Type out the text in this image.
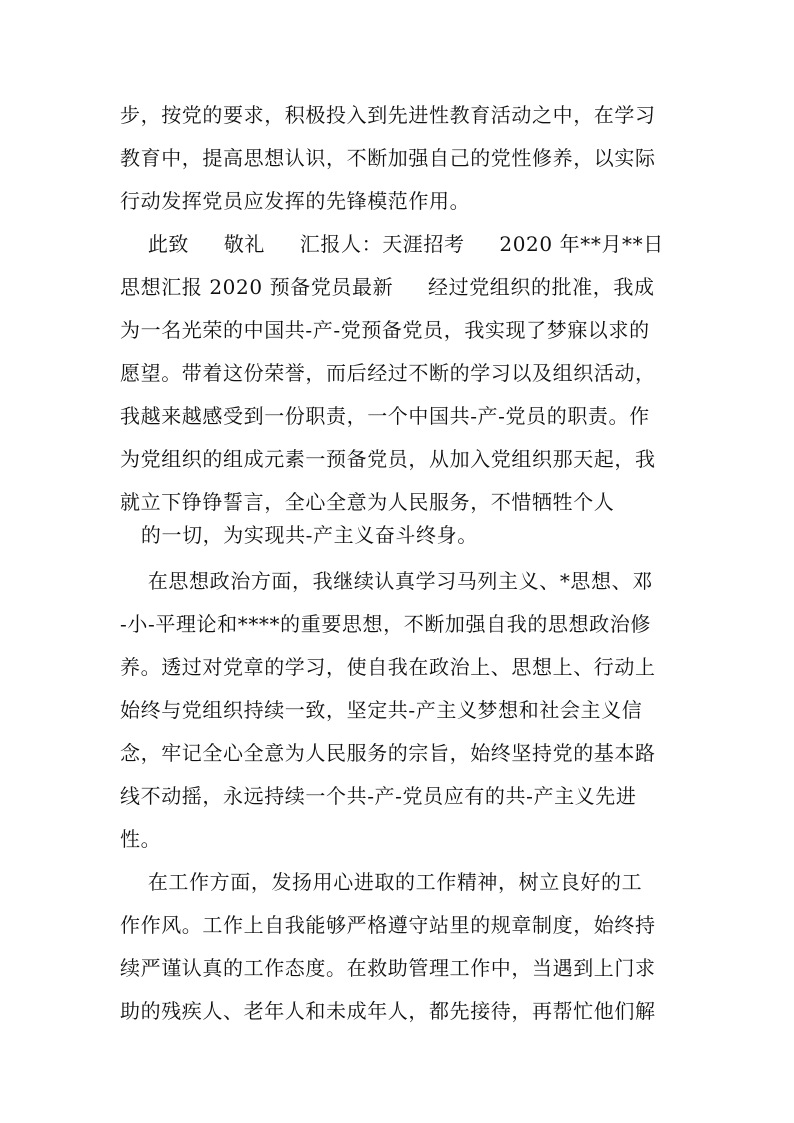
步，按党的要求，积极投入到先进性教育活动之中，在学习
教育中，提高思想认识，不断加强自己的党性修养，以实际
行动发挥党员应发挥的先锋模范作用。
此致     敬礼     汇报人：天涯招考     2020 年**月**日
思想汇报 2020 预备党员最新     经过党组织的批准，我成
为一名光荣的中国共-产-党预备党员，我实现了梦寐以求的
愿望。带着这份荣誉，而后经过不断的学习以及组织活动，
我越来越感受到一份职责，一个中国共-产-党员的职责。作
为党组织的组成元素一预备党员，从加入党组织那天起，我
就立下铮铮誓言，全心全意为人民服务，不惜牺牲个人
的一切，为实现共-产主义奋斗终身。
在思想政治方面，我继续认真学习马列主义、*思想、邓
-小-平理论和****的重要思想，不断加强自我的思想政治修
养。透过对党章的学习，使自我在政治上、思想上、行动上
始终与党组织持续一致，坚定共-产主义梦想和社会主义信
念，牢记全心全意为人民服务的宗旨，始终坚持党的基本路
线不动摇，永远持续一个共-产-党员应有的共-产主义先进
性。
在工作方面，发扬用心进取的工作精神，树立良好的工
作作风。工作上自我能够严格遵守站里的规章制度，始终持
续严谨认真的工作态度。在救助管理工作中，当遇到上门求
助的残疾人、老年人和未成年人，都先接待，再帮忙他们解
